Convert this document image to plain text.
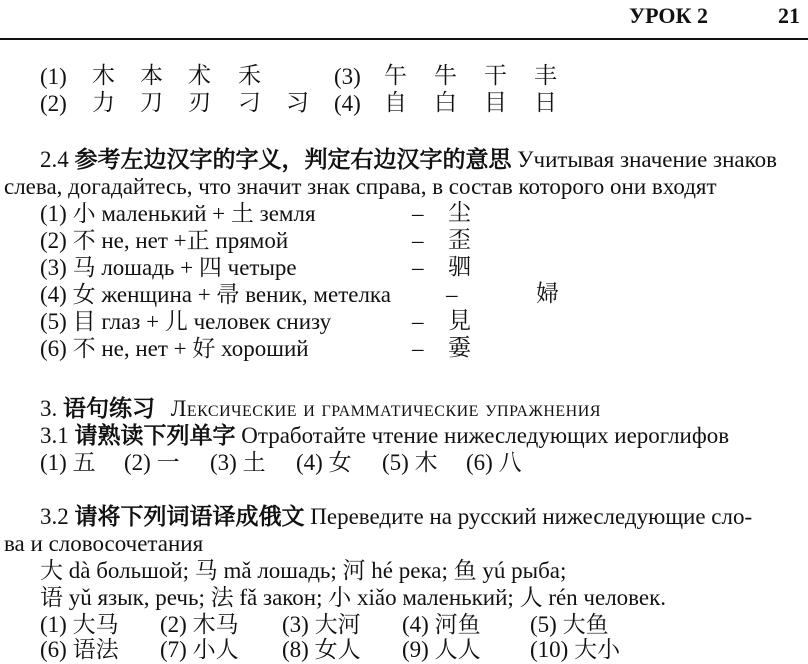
УРОК 2	21
(1) 木 本 术 禾	(3) 午 牛 干 丰
(2) 力 刀 刃 刁 习 (4) 自 白 目 日
2.4 参考左边汉字的字义，判定右边汉字的意思 Учитывая значение знаков
слева, догадайтесь, что значит знак справа, в состав которого они входят
(1) 小 маленький + 土 земля	– 尘
(2) 不 не, нет +正 прямой	– 歪
(3) 马 лошадь + 四 четыре	– 驷
(4) 女 женщина + 帚 веник, метелка –	婦
(5) 目 глаз + 儿 человек снизу	– 見
(6) 不 не, нет + 好 хороший	– 嫑
3. 语句练习 Лексические и грамматические упражнения
3.1 请熟读下列单字 Отработайте чтение нижеследующих иероглифов
(1) 五 (2) 一 (3) 土 (4) 女 (5) 木 (6) 八
3.2 请将下列词语译成俄文 Переведите на русский нижеследующие сло-
ва и словосочетания
大 dà большой; 马 mǎ лошадь; 河 hé река; 鱼 yú рыба;
语 yǔ язык, речь; 法 fǎ закон; 小 xiǎo маленький; 人 rén человек.
(1) 大马 (2) 木马 (3) 大河 (4) 河鱼 (5) 大鱼
(6) 语法 (7) 小人 (8) 女人 (9) 人人 (10) 大小
